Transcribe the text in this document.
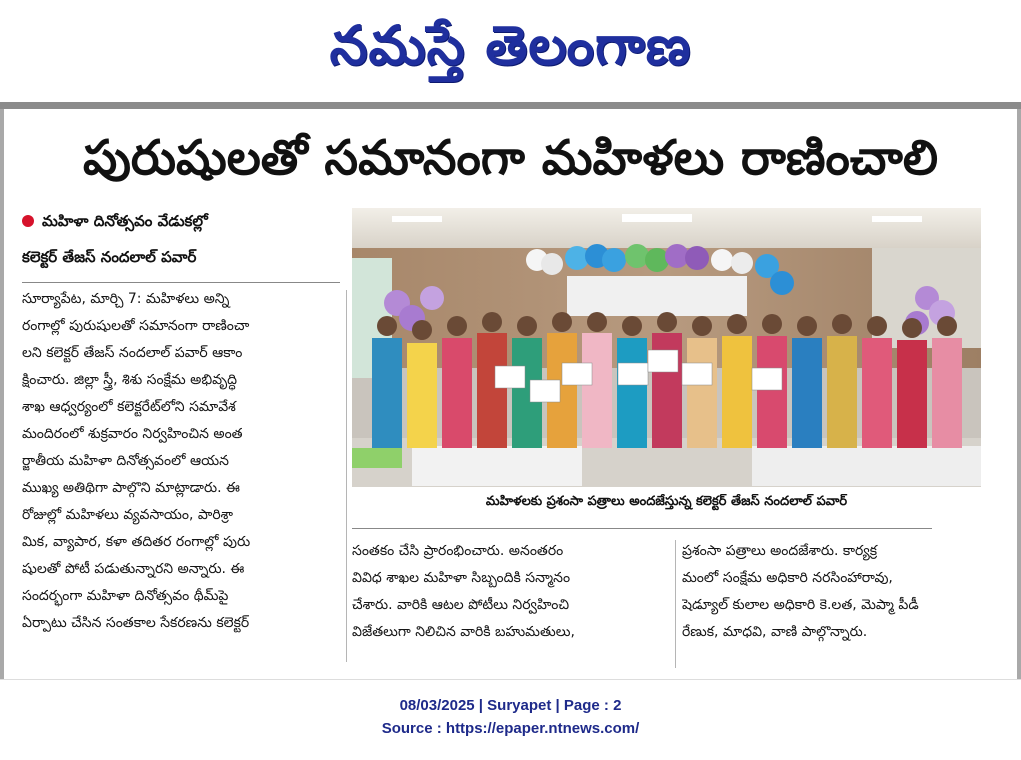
నమస్తే తెలంగాణ
పురుషులతో సమానంగా మహిళలు రాణించాలి
మహిళా దినోత్సవం వేడుకల్లో
కలెక్టర్ తేజస్ నందలాల్ పవార్

సూర్యాపేట, మార్చి 7: మహిళలు అన్ని

రంగాల్లో పురుషులతో సమానంగా రాణించా

లని కలెక్టర్ తేజస్ నందలాల్ పవార్ ఆకాం

క్షించారు. జిల్లా స్త్రీ, శిశు సంక్షేమ అభివృద్ధి

శాఖ ఆధ్వర్యంలో కలెక్టరేట్‌లోని సమావేశ

మందిరంలో శుక్రవారం నిర్వహించిన అంత

ర్జాతీయ మహిళా దినోత్సవంలో ఆయన

ముఖ్య అతిథిగా పాల్గొని మాట్లాడారు. ఈ

రోజుల్లో మహిళలు వ్యవసాయం, పారిశ్రా

మిక, వ్యాపార, కళా తదితర రంగాల్లో పురు

షులతో పోటీ పడుతున్నారని అన్నారు. ఈ

సందర్భంగా మహిళా దినోత్సవం థీమ్‌పై

ఏర్పాటు చేసిన సంతకాల సేకరణను కలెక్టర్

మహిళలకు ప్రశంసా పత్రాలు అందజేస్తున్న కలెక్టర్ తేజస్ నందలాల్ పవార్

సంతకం చేసి ప్రారంభించారు. అనంతరం

వివిధ శాఖల మహిళా సిబ్బందికి సన్మానం

చేశారు. వారికి ఆటల పోటీలు నిర్వహించి

విజేతలుగా నిలిచిన వారికి బహుమతులు,

ప్రశంసా పత్రాలు అందజేశారు. కార్యక్ర

మంలో సంక్షేమ అధికారి నరసింహారావు,

షెడ్యూల్ కులాల అధికారి కె.లత, మెప్మా పీడీ

రేణుక, మాధవి, వాణి పాల్గొన్నారు.

08/03/2025 | Suryapet | Page : 2
Source : https://epaper.ntnews.com/
